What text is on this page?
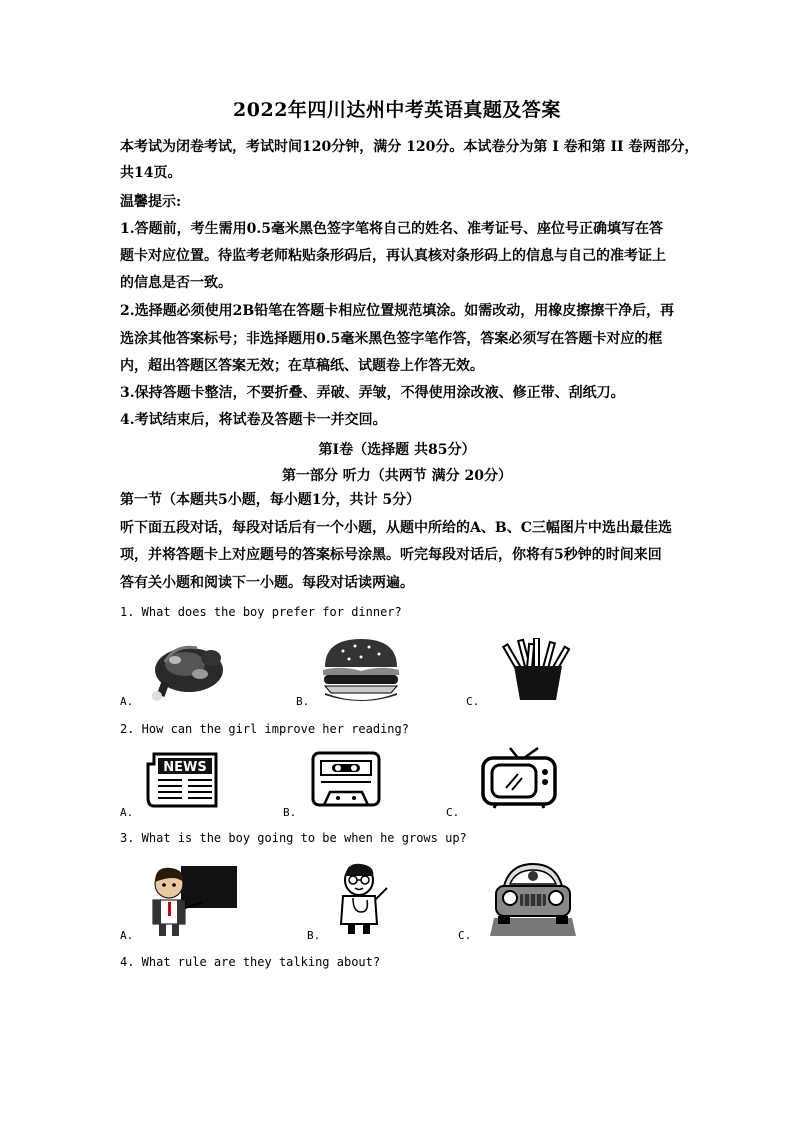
2022年四川达州中考英语真题及答案
本考试为闭卷考试，考试时间120分钟，满分 120分。本试卷分为第 I 卷和第 II 卷两部分，
共14页。
温馨提示:
1.答题前，考生需用0.5毫米黑色签字笔将自己的姓名、准考证号、座位号正确填写在答
题卡对应位置。待监考老师粘贴条形码后，再认真核对条形码上的信息与自己的准考证上
的信息是否一致。
2.选择题必须使用2B铅笔在答题卡相应位置规范填涂。如需改动，用橡皮擦擦干净后，再
选涂其他答案标号；非选择题用0.5毫米黑色签字笔作答，答案必须写在答题卡对应的框
内，超出答题区答案无效；在草稿纸、试题卷上作答无效。
3.保持答题卡整洁，不要折叠、弄破、弄皱，不得使用涂改液、修正带、刮纸刀。
4.考试结束后，将试卷及答题卡一并交回。
第I卷（选择题 共85分）
第一部分 听力（共两节 满分 20分）
第一节（本题共5小题，每小题1分，共计 5分）
听下面五段对话，每段对话后有一个小题，从题中所给的A、B、C三幅图片中选出最佳选
项，并将答题卡上对应题号的答案标号涂黑。听完每段对话后，你将有5秒钟的时间来回
答有关小题和阅读下一小题。每段对话读两遍。
1. What does the boy prefer for dinner?
A.	B.	C.
2. How can the girl improve her reading?
NEWS
A.	B.	C.
3. What is the boy going to be when he grows up?
A.	B.	C.
4. What rule are they talking about?
